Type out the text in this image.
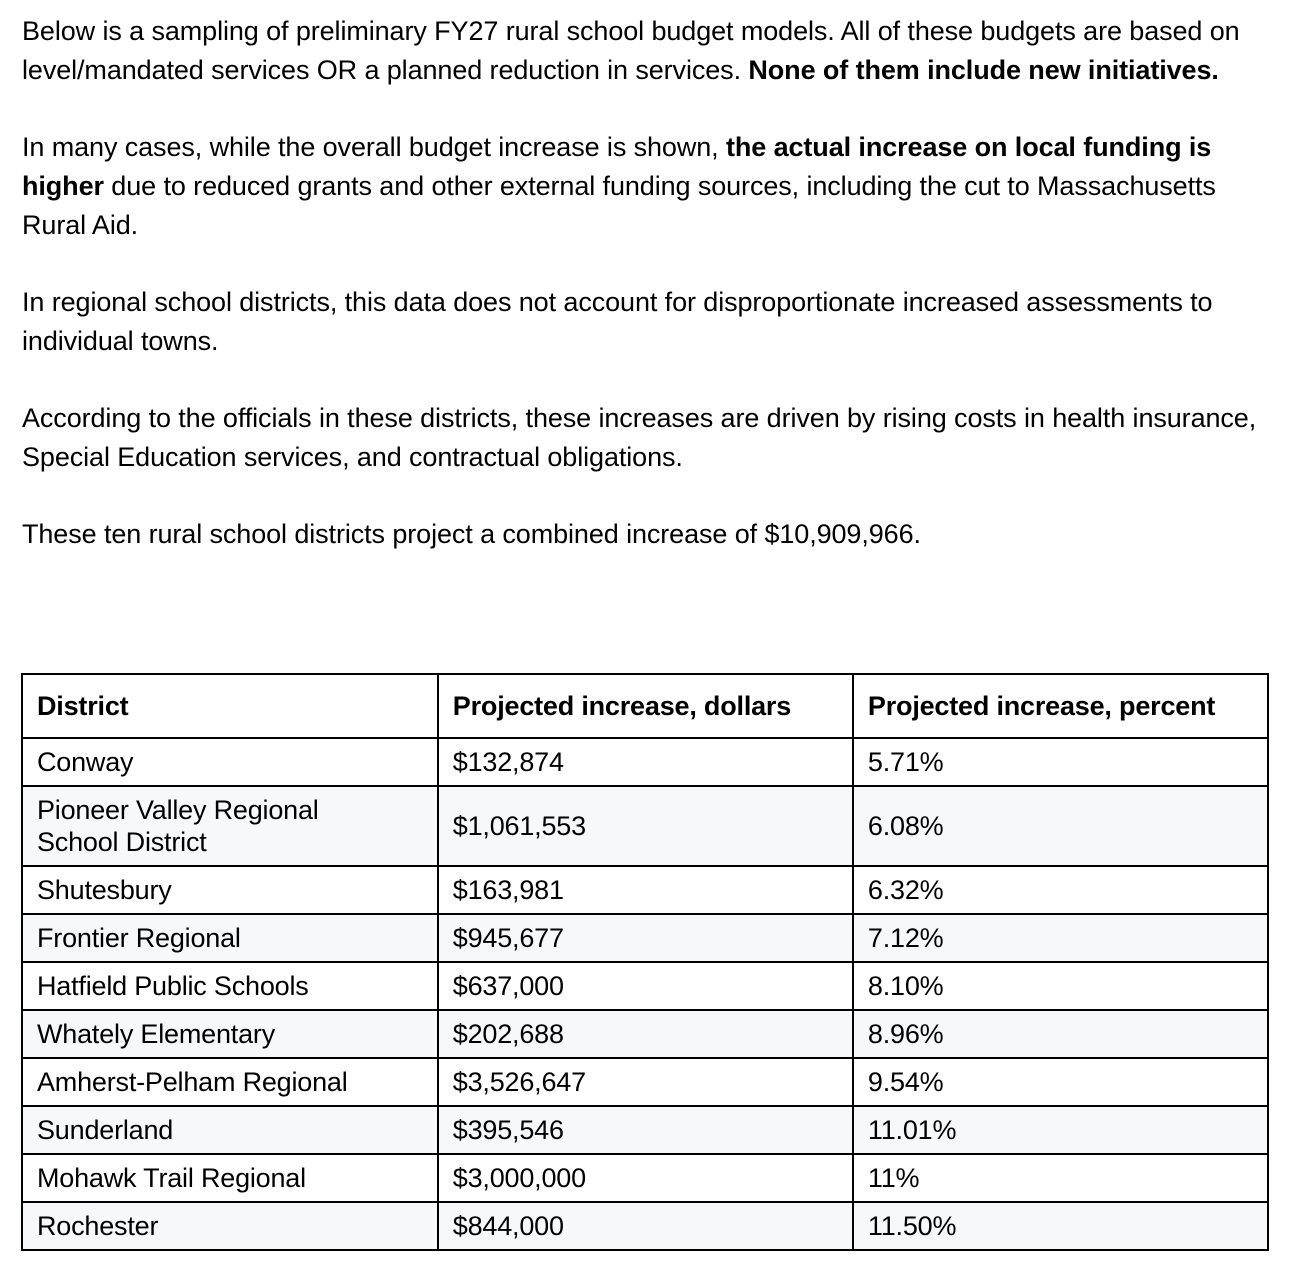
Below is a sampling of preliminary FY27 rural school budget models. All of these budgets are based on level/mandated services OR a planned reduction in services. None of them include new initiatives.

In many cases, while the overall budget increase is shown, the actual increase on local funding is higher due to reduced grants and other external funding sources, including the cut to Massachusetts Rural Aid.

In regional school districts, this data does not account for disproportionate increased assessments to individual towns.

According to the officials in these districts, these increases are driven by rising costs in health insurance, Special Education services, and contractual obligations.

These ten rural school districts project a combined increase of $10,909,966.

District	Projected increase, dollars	Projected increase, percent
Conway	$132,874	5.71%

Pioneer Valley Regional School District	$1,061,553	6.08%
Shutesbury	$163,981	6.32%
Frontier Regional	$945,677	7.12%
Hatfield Public Schools	$637,000	8.10%
Whately Elementary	$202,688	8.96%
Amherst-Pelham Regional	$3,526,647	9.54%
Sunderland	$395,546	11.01%
Mohawk Trail Regional	$3,000,000	11%
Rochester	$844,000	11.50%
